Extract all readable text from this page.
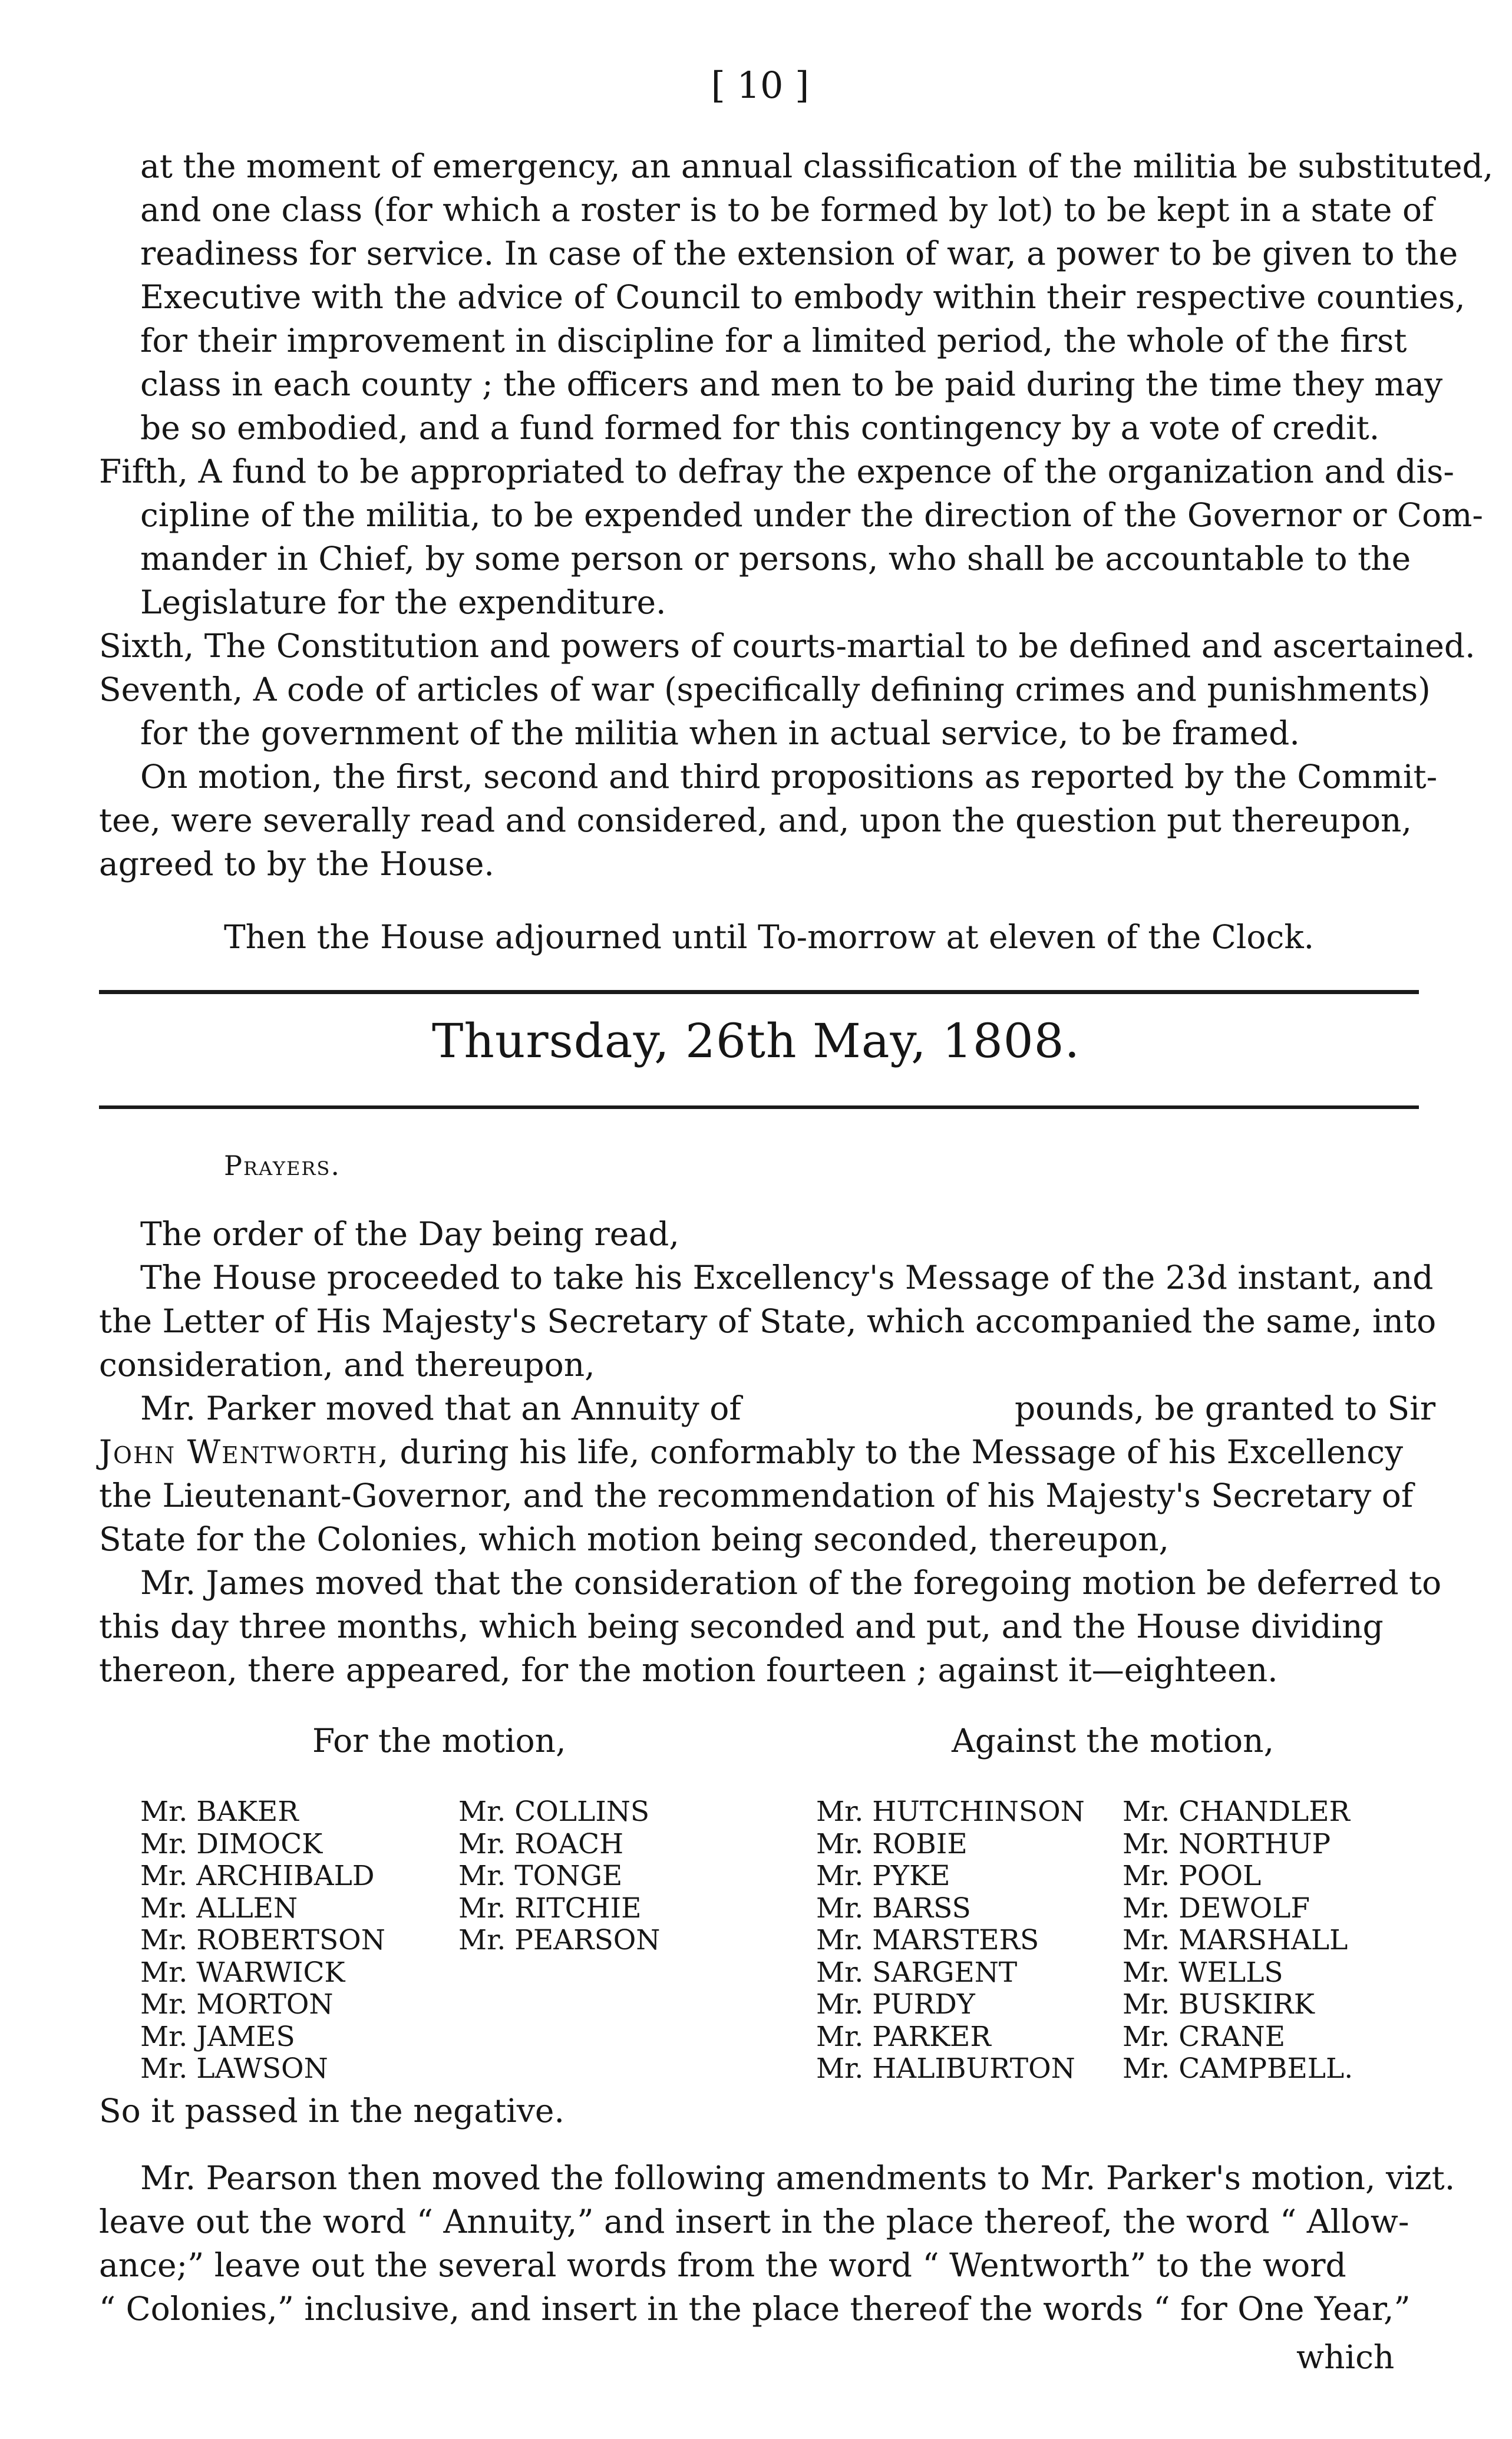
[ 10 ]
at the moment of emergency, an annual classification of the militia be substituted,
and one class (for which a roster is to be formed by lot) to be kept in a state of
readiness for service. In case of the extension of war, a power to be given to the
Executive with the advice of Council to embody within their respective counties,
for their improvement in discipline for a limited period, the whole of the first
class in each county ; the officers and men to be paid during the time they may
be so embodied, and a fund formed for this contingency by a vote of credit.
Fifth, A fund to be appropriated to defray the expence of the organization and dis-
cipline of the militia, to be expended under the direction of the Governor or Com-
mander in Chief, by some person or persons, who shall be accountable to the
Legislature for the expenditure.
Sixth, The Constitution and powers of courts-martial to be defined and ascertained.
Seventh, A code of articles of war (specifically defining crimes and punishments)
for the government of the militia when in actual service, to be framed.
On motion, the first, second and third propositions as reported by the Commit-
tee, were severally read and considered, and, upon the question put thereupon,
agreed to by the House.
Then the House adjourned until To-morrow at eleven of the Clock.
Thursday, 26th May, 1808.
Prayers.
The order of the Day being read,
The House proceeded to take his Excellency's Message of the 23d instant, and
the Letter of His Majesty's Secretary of State, which accompanied the same, into
consideration, and thereupon,
Mr. Parker moved that an Annuity of	pounds, be granted to Sir
John Wentworth, during his life, conformably to the Message of his Excellency
the Lieutenant-Governor, and the recommendation of his Majesty's Secretary of
State for the Colonies, which motion being seconded, thereupon,
Mr. James moved that the consideration of the foregoing motion be deferred to
this day three months, which being seconded and put, and the House dividing
thereon, there appeared, for the motion fourteen ; against it—eighteen.
For the motion,	Against the motion,
Mr. BAKER
Mr. DIMOCK
Mr. ARCHIBALD
Mr. ALLEN
Mr. ROBERTSON
Mr. WARWICK
Mr. MORTON
Mr. JAMES
Mr. LAWSON
Mr. COLLINS
Mr. ROACH
Mr. TONGE
Mr. RITCHIE
Mr. PEARSON
Mr. HUTCHINSON
Mr. ROBIE
Mr. PYKE
Mr. BARSS
Mr. MARSTERS
Mr. SARGENT
Mr. PURDY
Mr. PARKER
Mr. HALIBURTON
Mr. CHANDLER
Mr. NORTHUP
Mr. POOL
Mr. DEWOLF
Mr. MARSHALL
Mr. WELLS
Mr. BUSKIRK
Mr. CRANE
Mr. CAMPBELL.
So it passed in the negative.
Mr. Pearson then moved the following amendments to Mr. Parker's motion, vizt.
leave out the word “ Annuity,” and insert in the place thereof, the word “ Allow-
ance;” leave out the several words from the word “ Wentworth” to the word
“ Colonies,” inclusive, and insert in the place thereof the words “ for One Year,”
which
